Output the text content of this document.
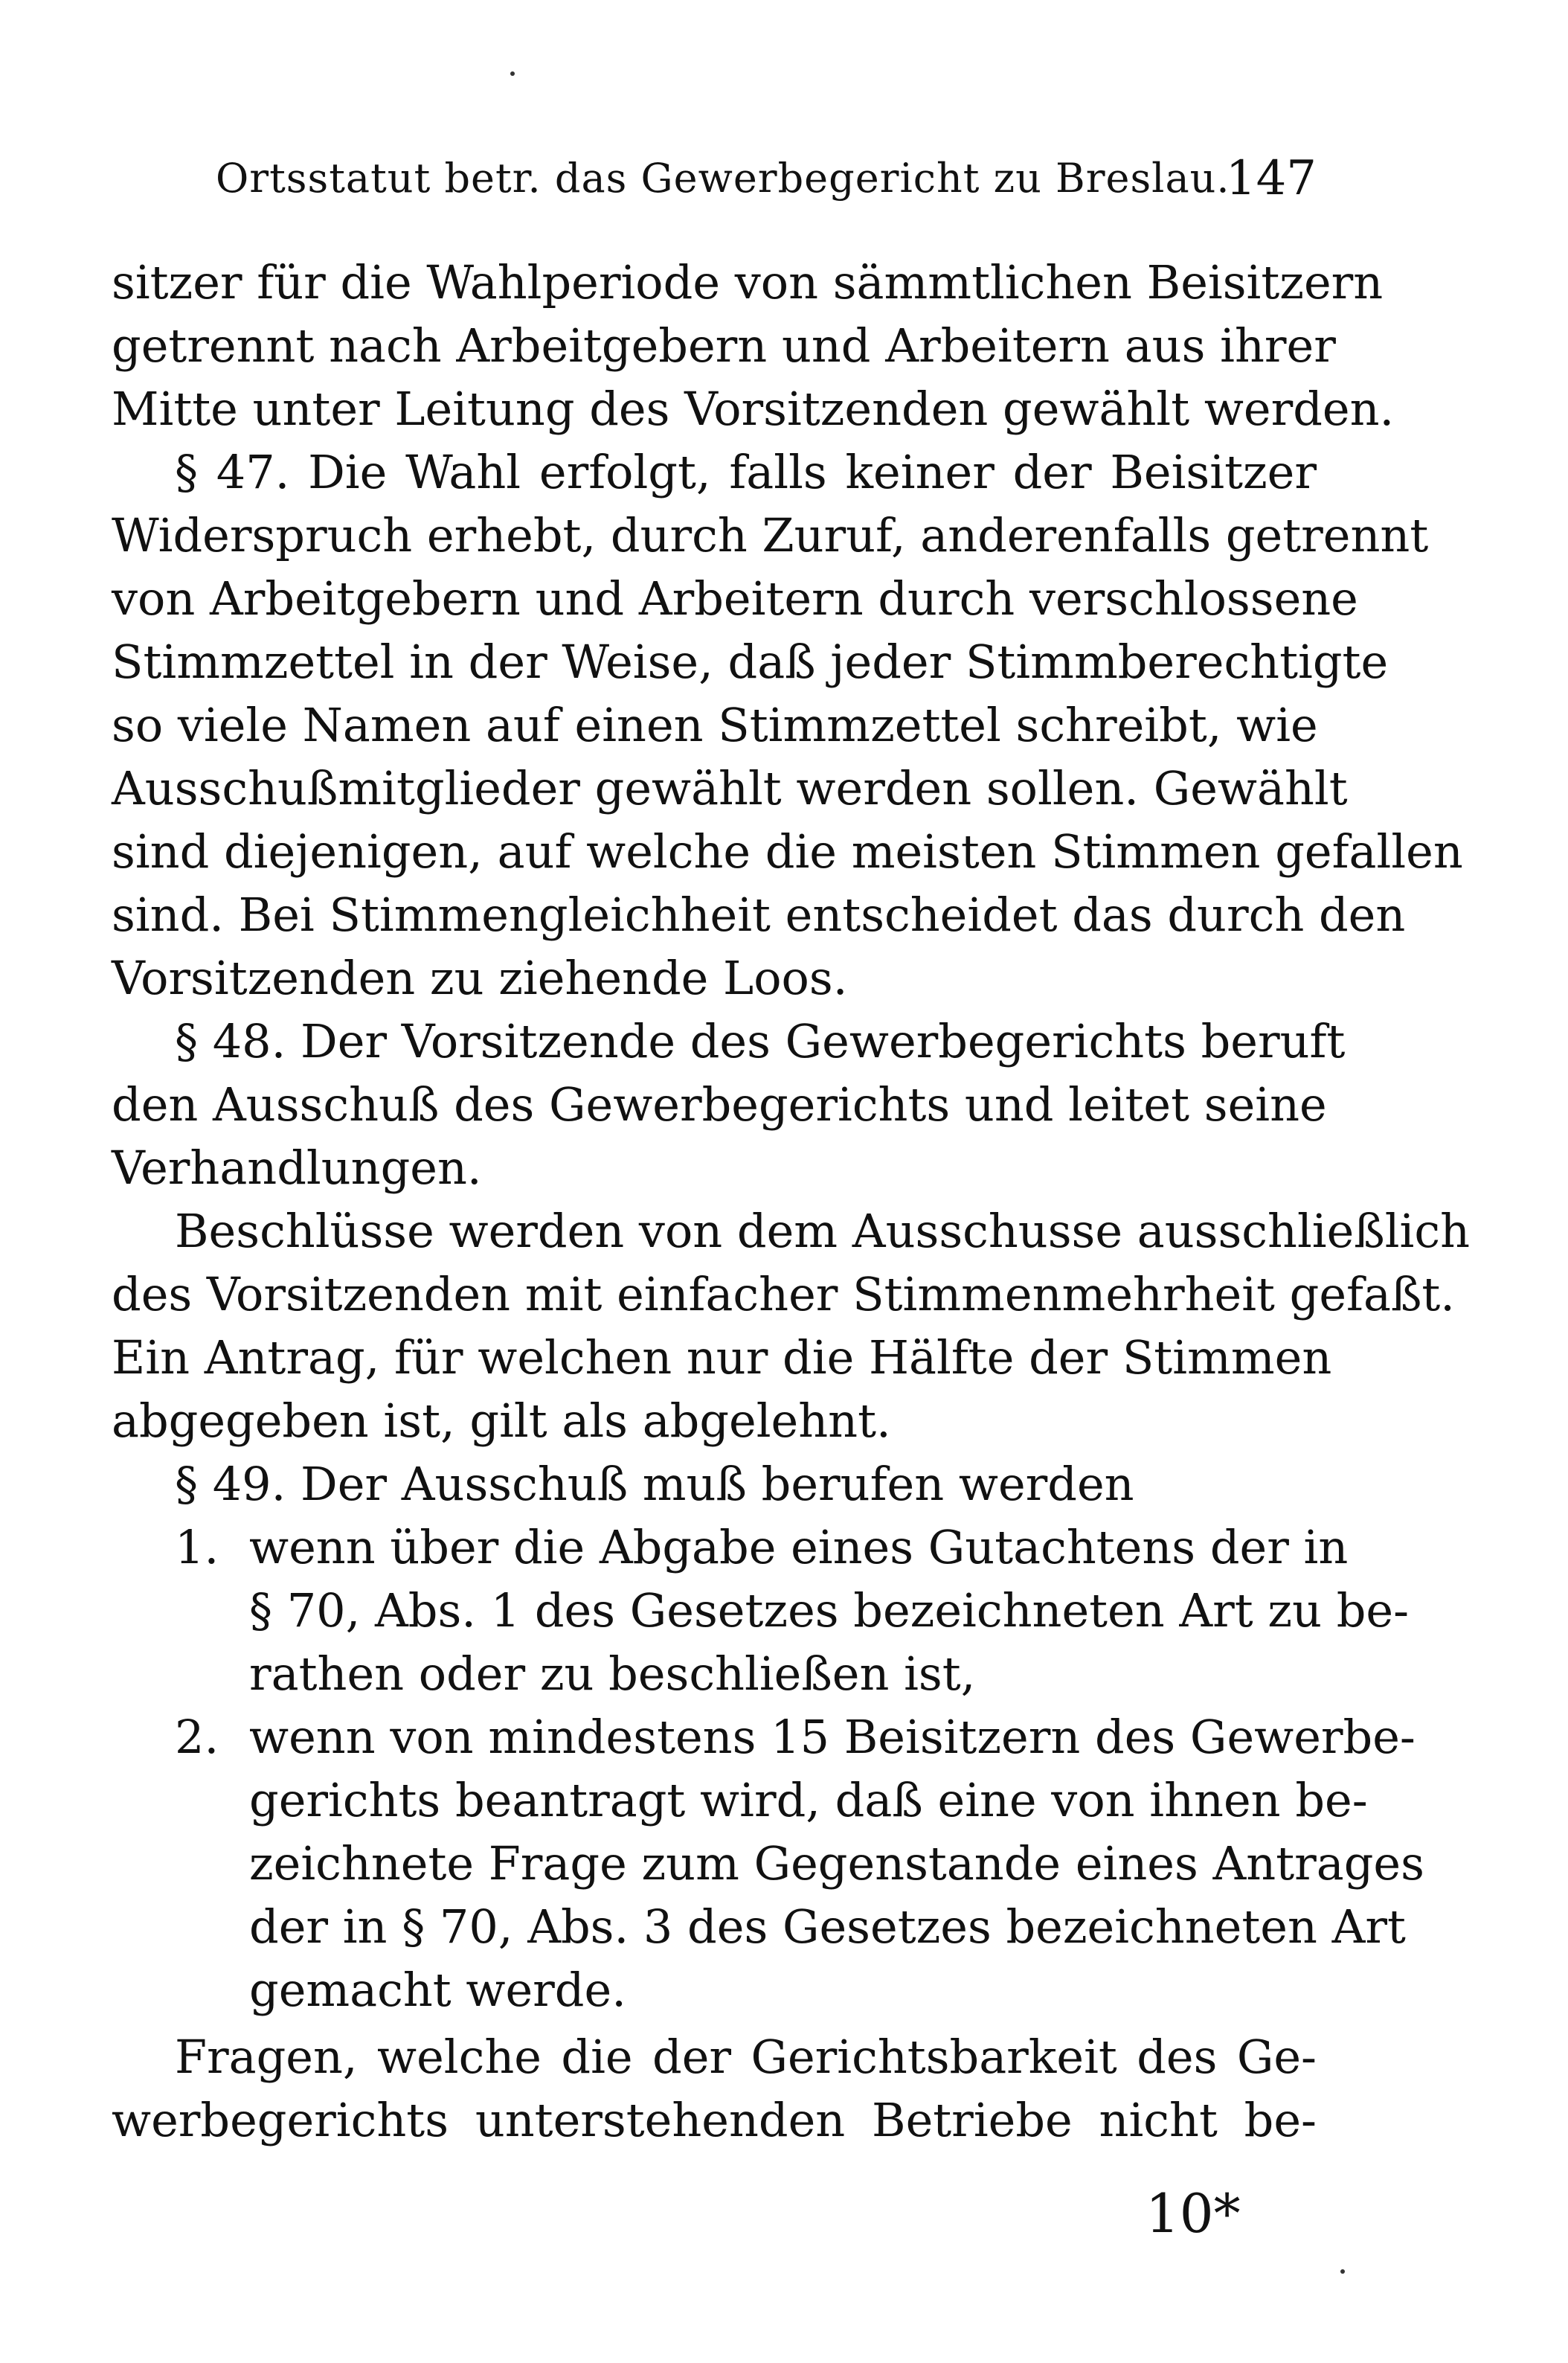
Ortsstatut betr. das Gewerbegericht zu Breslau.
147
sitzer für die Wahlperiode von sämmtlichen Beisitzern
getrennt nach Arbeitgebern und Arbeitern aus ihrer
Mitte unter Leitung des Vorsitzenden gewählt werden.
§ 47. Die Wahl erfolgt, falls keiner der Beisitzer
Widerspruch erhebt, durch Zuruf, anderenfalls getrennt
von Arbeitgebern und Arbeitern durch verschlossene
Stimmzettel in der Weise, daß jeder Stimmberechtigte
so viele Namen auf einen Stimmzettel schreibt, wie
Ausschußmitglieder gewählt werden sollen. Gewählt
sind diejenigen, auf welche die meisten Stimmen gefallen
sind. Bei Stimmengleichheit entscheidet das durch den
Vorsitzenden zu ziehende Loos.
§ 48. Der Vorsitzende des Gewerbegerichts beruft
den Ausschuß des Gewerbegerichts und leitet seine
Verhandlungen.
Beschlüsse werden von dem Ausschusse ausschließlich
des Vorsitzenden mit einfacher Stimmenmehrheit gefaßt.
Ein Antrag, für welchen nur die Hälfte der Stimmen
abgegeben ist, gilt als abgelehnt.
§ 49. Der Ausschuß muß berufen werden
1. wenn über die Abgabe eines Gutachtens der in
§ 70, Abs. 1 des Gesetzes bezeichneten Art zu be-
rathen oder zu beschließen ist,
2. wenn von mindestens 15 Beisitzern des Gewerbe-
gerichts beantragt wird, daß eine von ihnen be-
zeichnete Frage zum Gegenstande eines Antrages
der in § 70, Abs. 3 des Gesetzes bezeichneten Art
gemacht werde.
Fragen, welche die der Gerichtsbarkeit des Ge-
werbegerichts unterstehenden Betriebe nicht be-
10*
